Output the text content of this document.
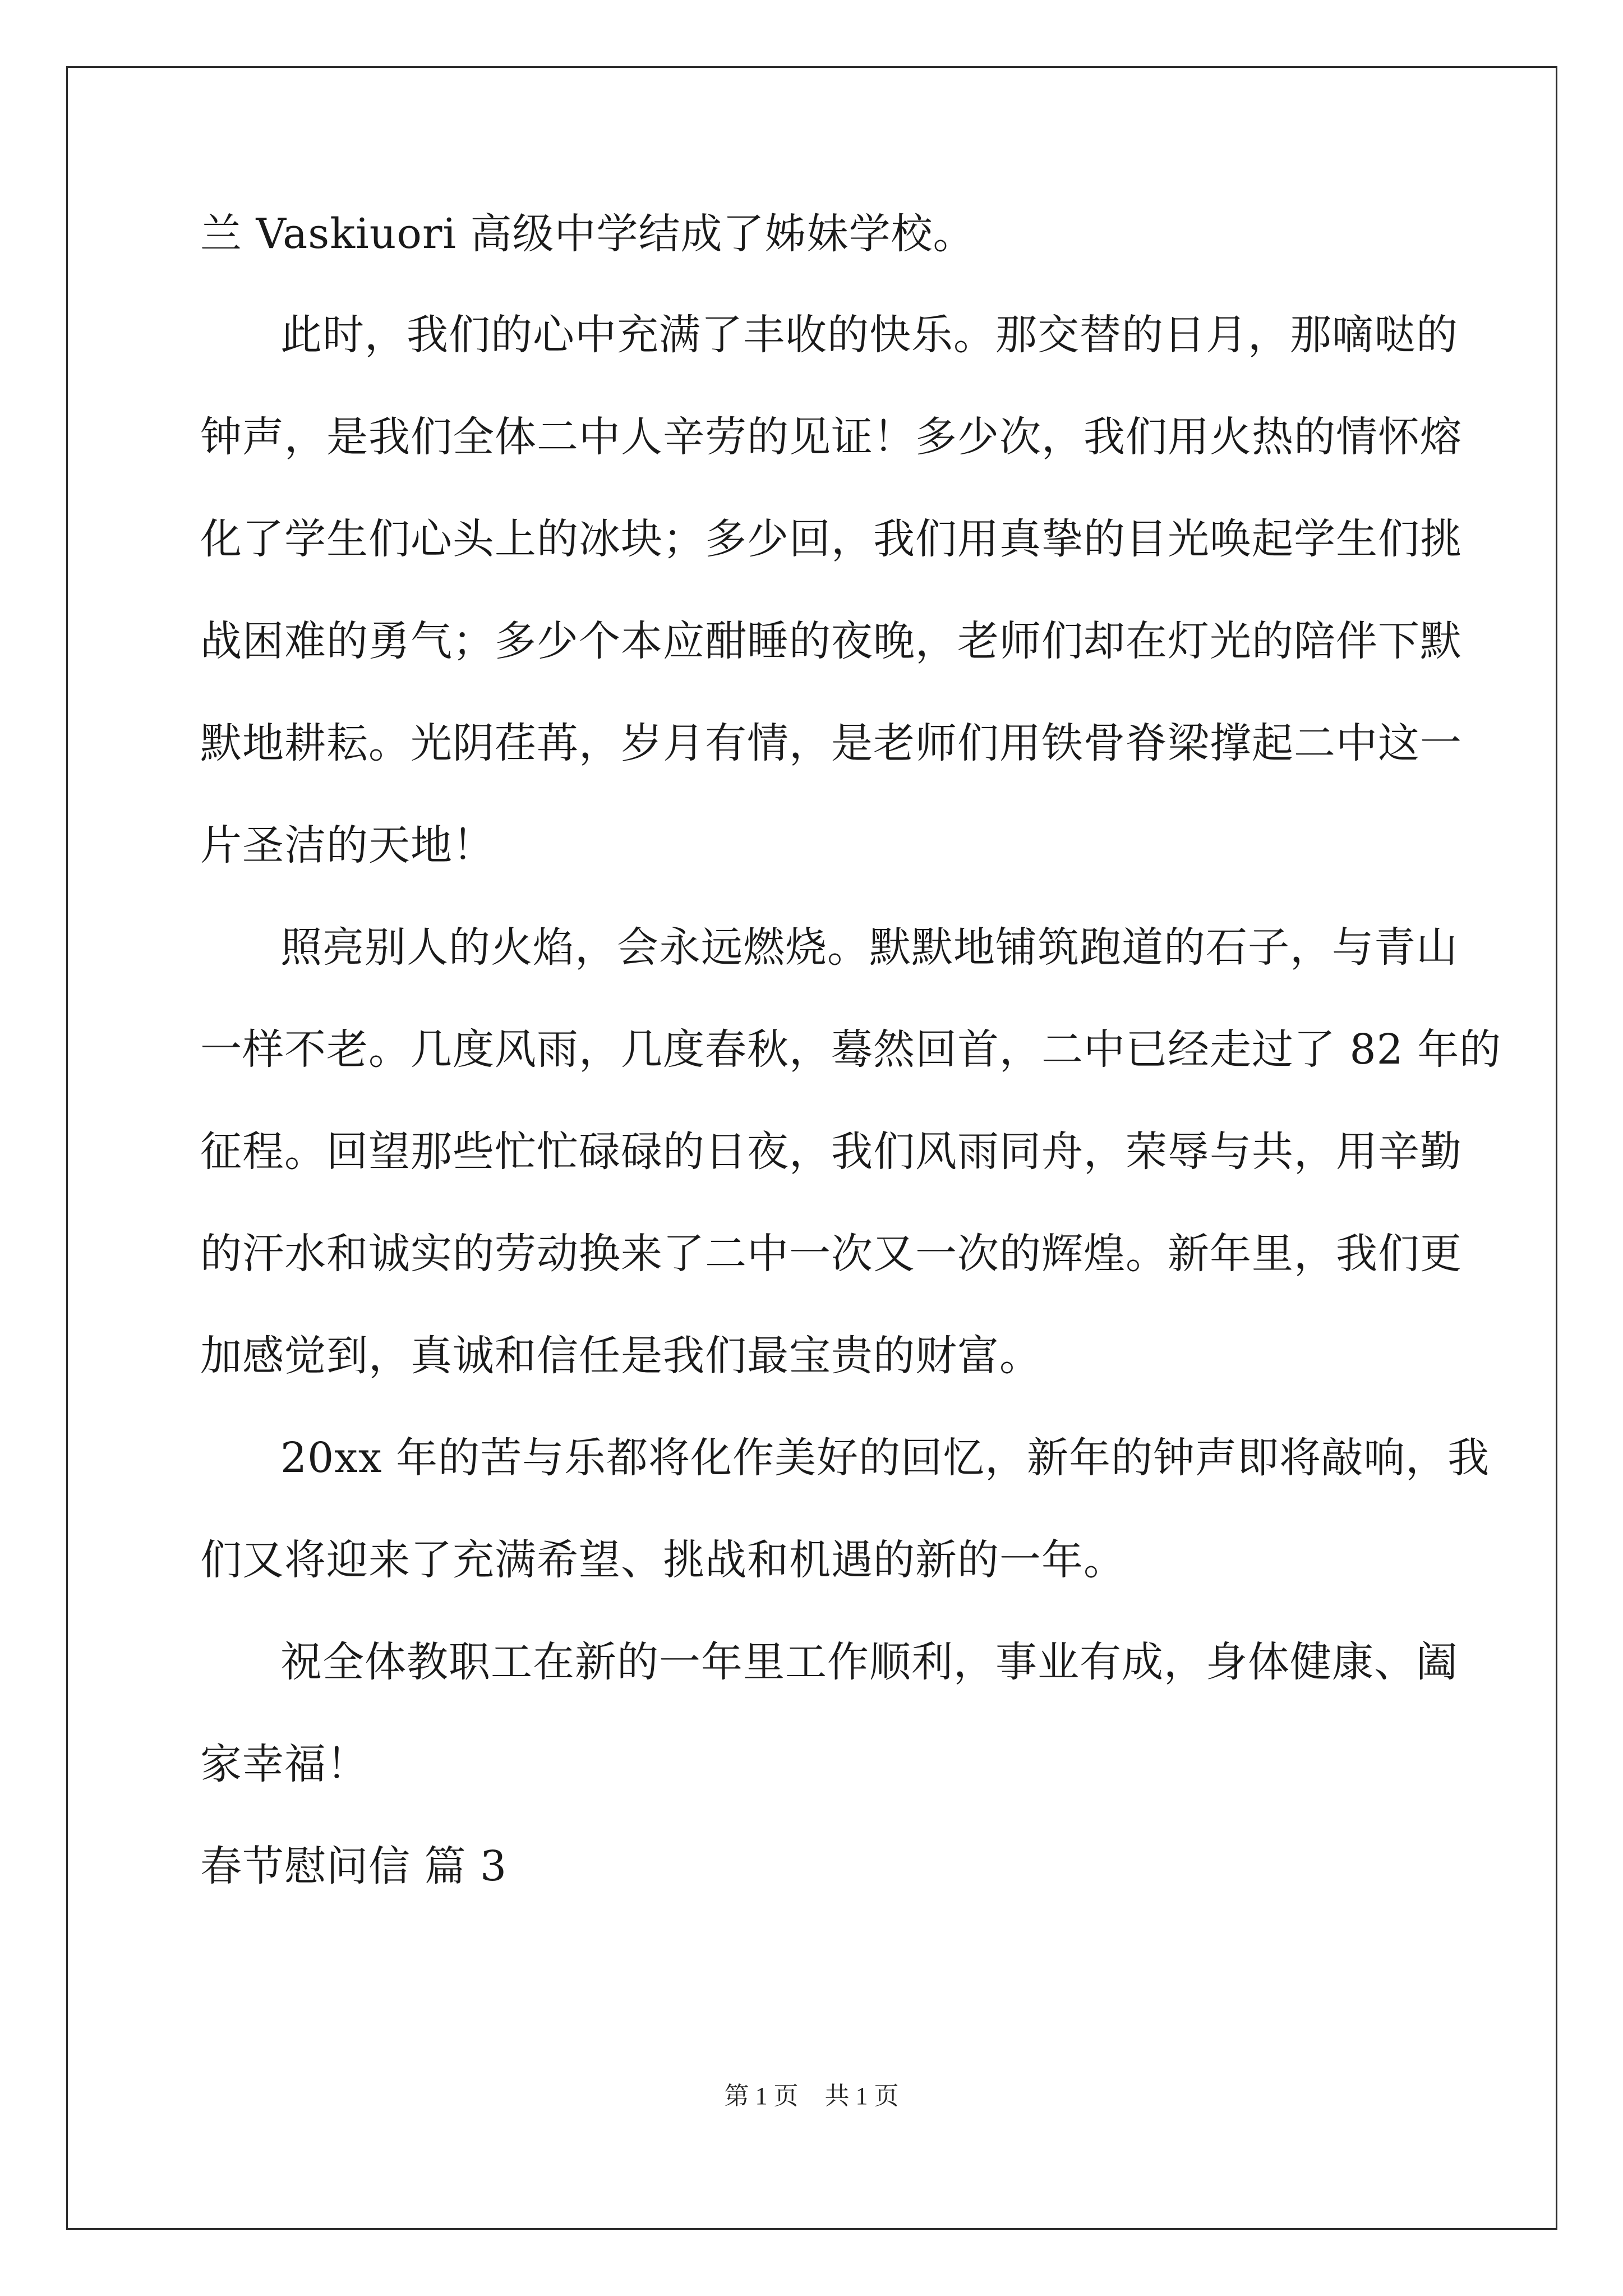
兰 Vaskiuori 高级中学结成了姊妹学校。
此时，我们的心中充满了丰收的快乐。那交替的日月，那嘀哒的
钟声，是我们全体二中人辛劳的见证！多少次，我们用火热的情怀熔
化了学生们心头上的冰块；多少回，我们用真挚的目光唤起学生们挑
战困难的勇气；多少个本应酣睡的夜晚，老师们却在灯光的陪伴下默
默地耕耘。光阴荏苒，岁月有情，是老师们用铁骨脊梁撑起二中这一
片圣洁的天地！
照亮别人的火焰，会永远燃烧。默默地铺筑跑道的石子，与青山
一样不老。几度风雨，几度春秋，蓦然回首，二中已经走过了 82 年的
征程。回望那些忙忙碌碌的日夜，我们风雨同舟，荣辱与共，用辛勤
的汗水和诚实的劳动换来了二中一次又一次的辉煌。新年里，我们更
加感觉到，真诚和信任是我们最宝贵的财富。
20xx 年的苦与乐都将化作美好的回忆，新年的钟声即将敲响，我
们又将迎来了充满希望、挑战和机遇的新的一年。
祝全体教职工在新的一年里工作顺利，事业有成，身体健康、阖
家幸福！
春节慰问信 篇 3
第 1 页 共 1 页
